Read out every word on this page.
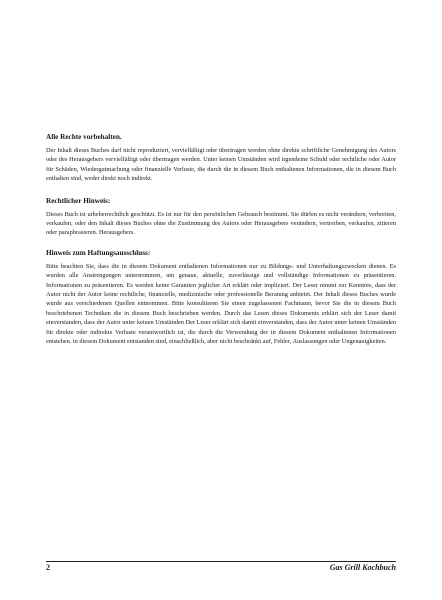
Alle Rechte vorbehalten.

Der Inhalt dieses Buches darf nicht reproduziert, vervielfältigt oder übertragen werden ohne direkte schriftliche Genehmigung des Autors oder des Herausgebers vervielfältigt oder übertragen werden. Unter keinen Umständen wird irgendeine Schuld oder rechtliche oder Autor für Schäden, Wiedergutmachung oder finanzielle Verluste, die durch die in diesem Buch enthaltenen Informationen, die in diesem Buch enthalten sind, weder direkt noch indirekt.

Rechtlicher Hinweis:

Dieses Buch ist urheberrechtlich geschützt. Es ist nur für den persönlichen Gebrauch bestimmt. Sie dürfen es nicht verändern, verbreiten, verkaufen, oder den Inhalt dieses Buches ohne die Zustimmung des Autors oder Herausgebers verändern, vertreiben, verkaufen, zitieren oder paraphrasieren. Herausgebers.

Hinweis zum Haftungsausschluss:

Bitte beachten Sie, dass die in diesem Dokument enthaltenen Informationen nur zu Bildungs- und Unterhaltungszwecken dienen. Es wurden alle Anstrengungen unternommen, um genaue, aktuelle, zuverlässige und vollständige Informationen zu präsentieren. Informationen zu präsentieren. Es werden keine Garantien jeglicher Art erklärt oder impliziert. Der Leser nimmt zur Kenntnis, dass der Autor nicht der Autor keine rechtliche, finanzielle, medizinische oder professionelle Beratung anbietet. Der Inhalt dieses Buches wurde wurde aus verschiedenen Quellen entnommen. Bitte konsultieren Sie einen zugelassenen Fachmann, bevor Sie die in diesem Buch beschriebenen Techniken die in diesem Buch beschrieben werden. Durch das Lesen dieses Dokuments erklärt sich der Leser damit einverstanden, dass der Autor unter keinen Umständen Der Leser erklärt sich damit einverstanden, dass der Autor unter keinen Umständen für direkte oder indirekte Verluste verantwortlich ist, die durch die Verwendung der in diesem Dokument enthaltenen Informationen entstehen. in diesem Dokument entstanden sind, einschließlich, aber nicht beschränkt auf, Fehler, Auslassungen oder Ungenauigkeiten.

2	Gas Grill Kochbuch
